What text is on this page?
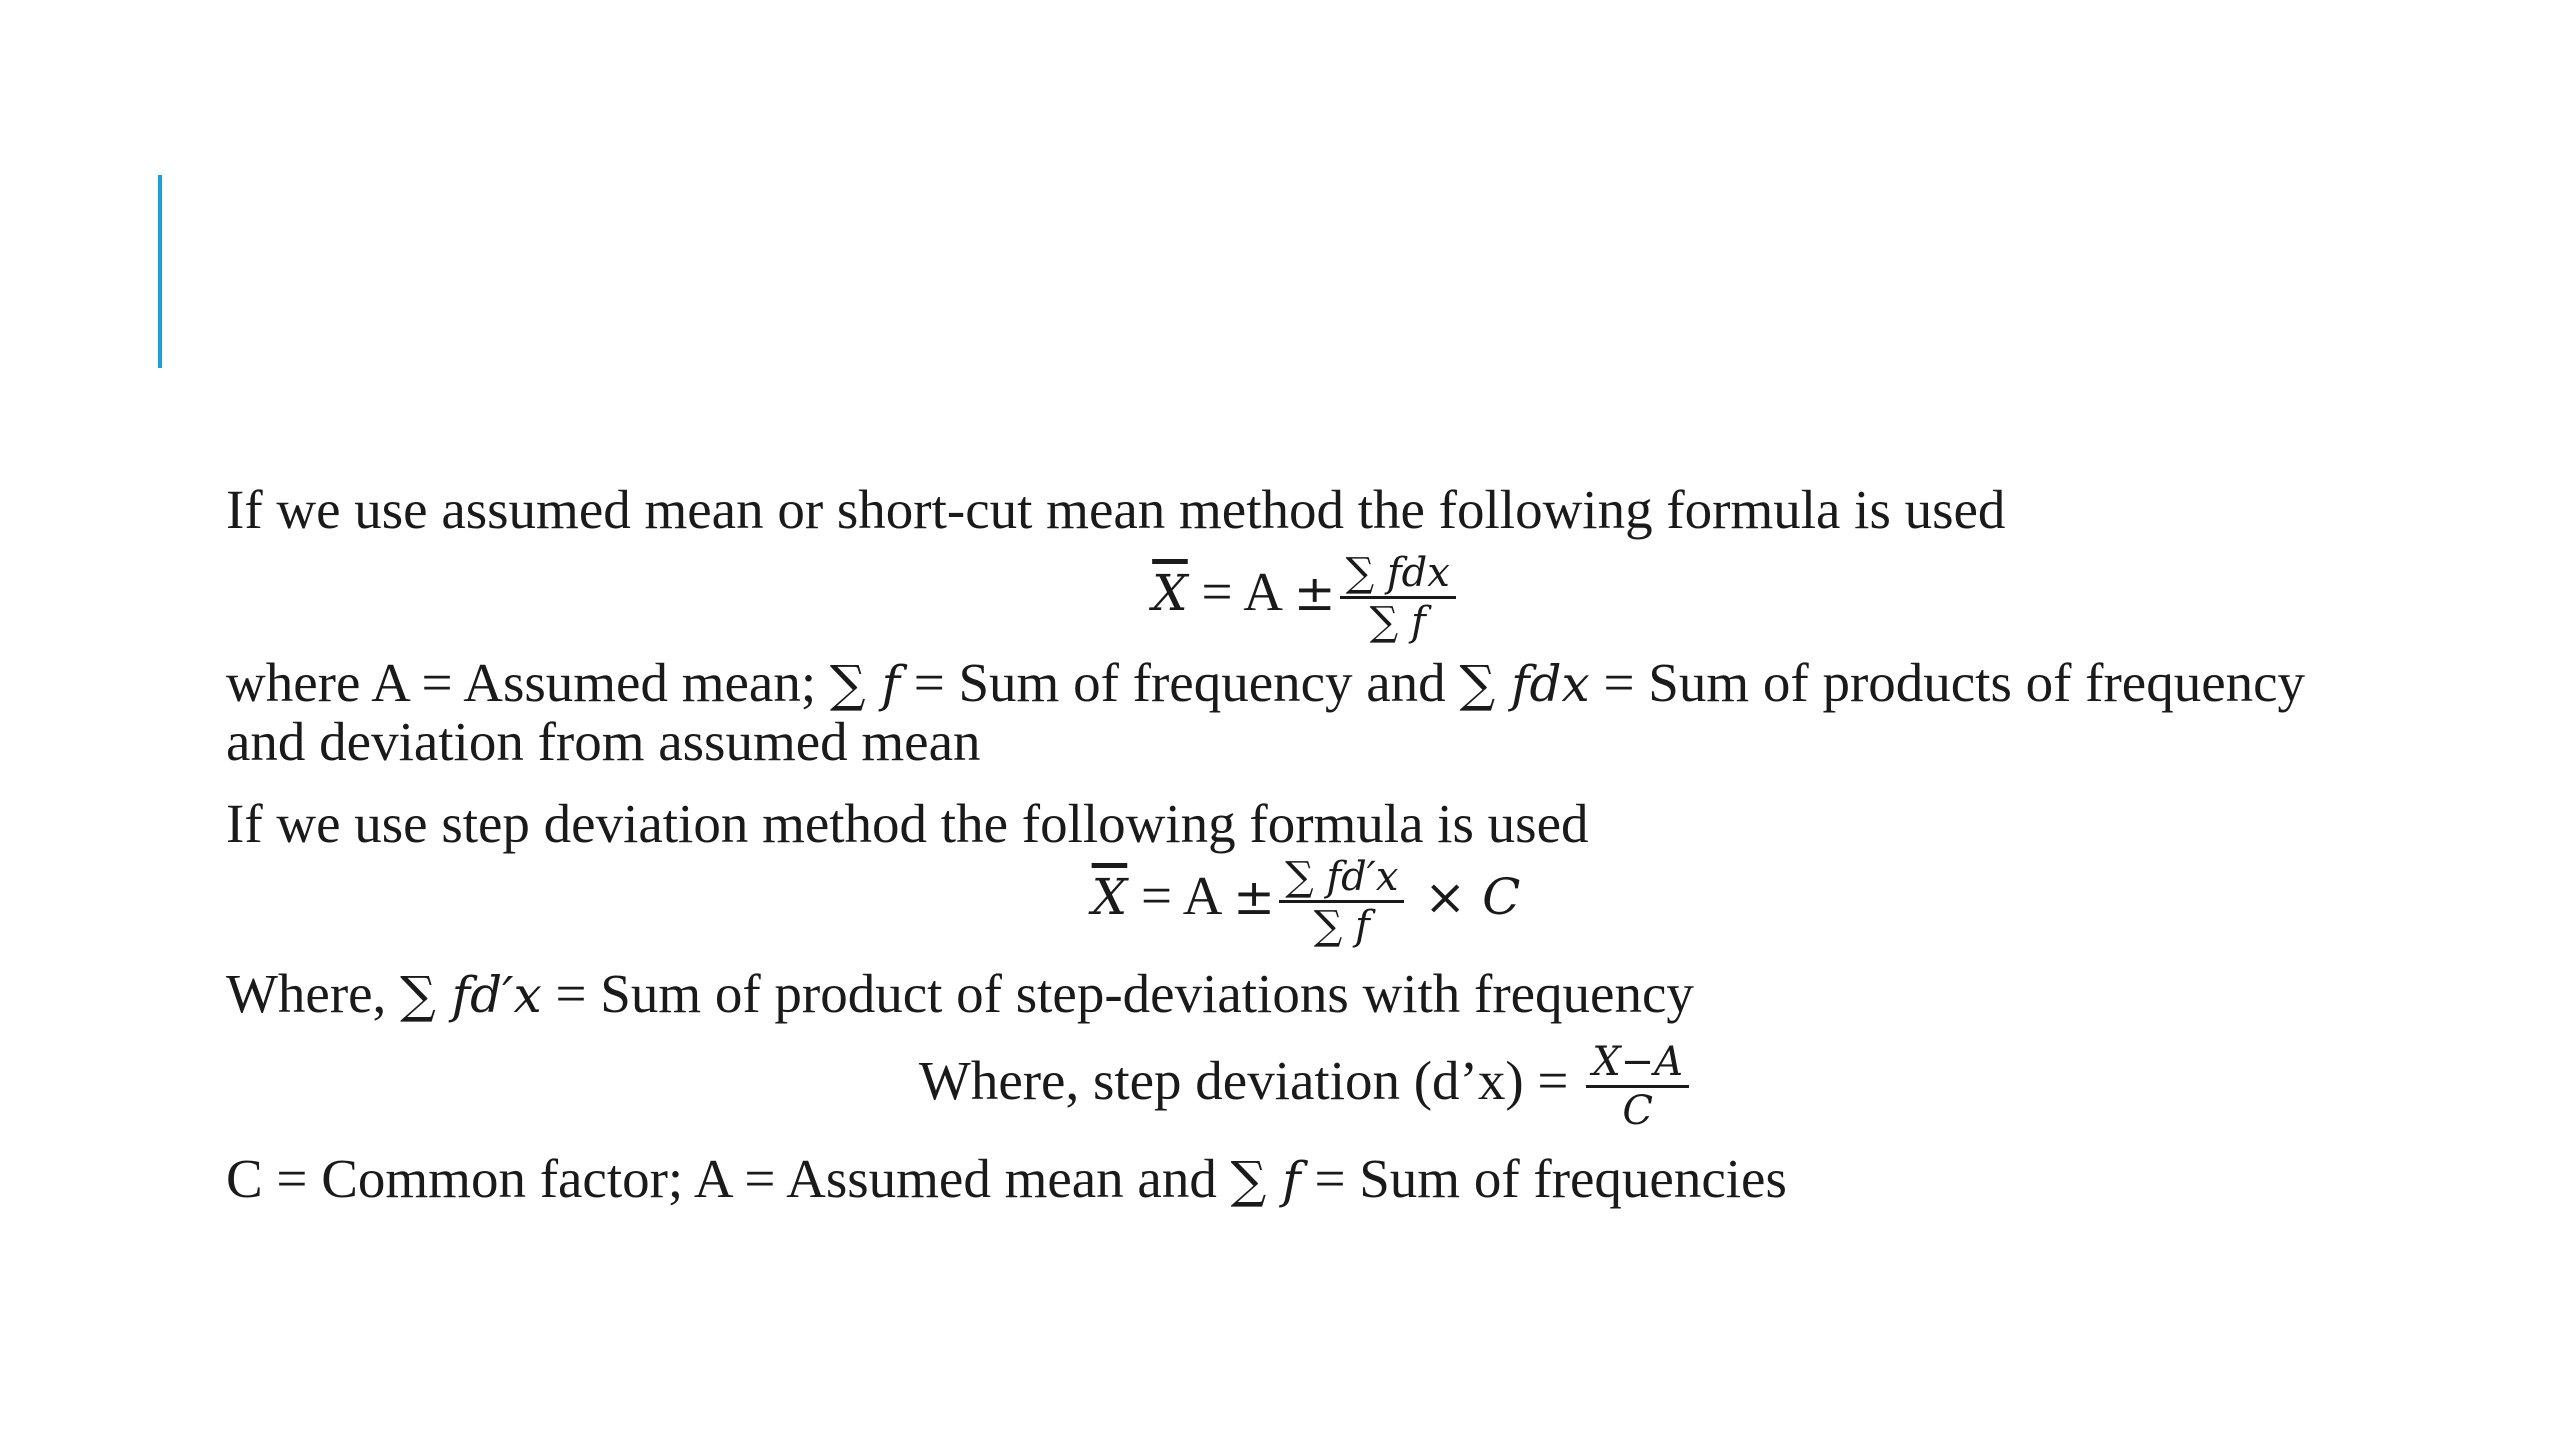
If we use assumed mean or short-cut mean method the following formula is used

$\overline{X} = A \pm \frac{\text{∑ fdx}}{\sum f}$

where A = Assumed mean; ∑ f = Sum of frequency and ∑ fdx = Sum of products of frequency and deviation from assumed mean

If we use step deviation method the following formula is used

$\overline{X} = A \pm \frac{\sum fd'x}{\sum f} \times C$

Where, ∑ fd′x = Sum of product of step-deviations with frequency

Where, step deviation (d’x) = $\frac{X-A}{C}$

C = Common factor; A = Assumed mean and ∑ f = Sum of frequencies
